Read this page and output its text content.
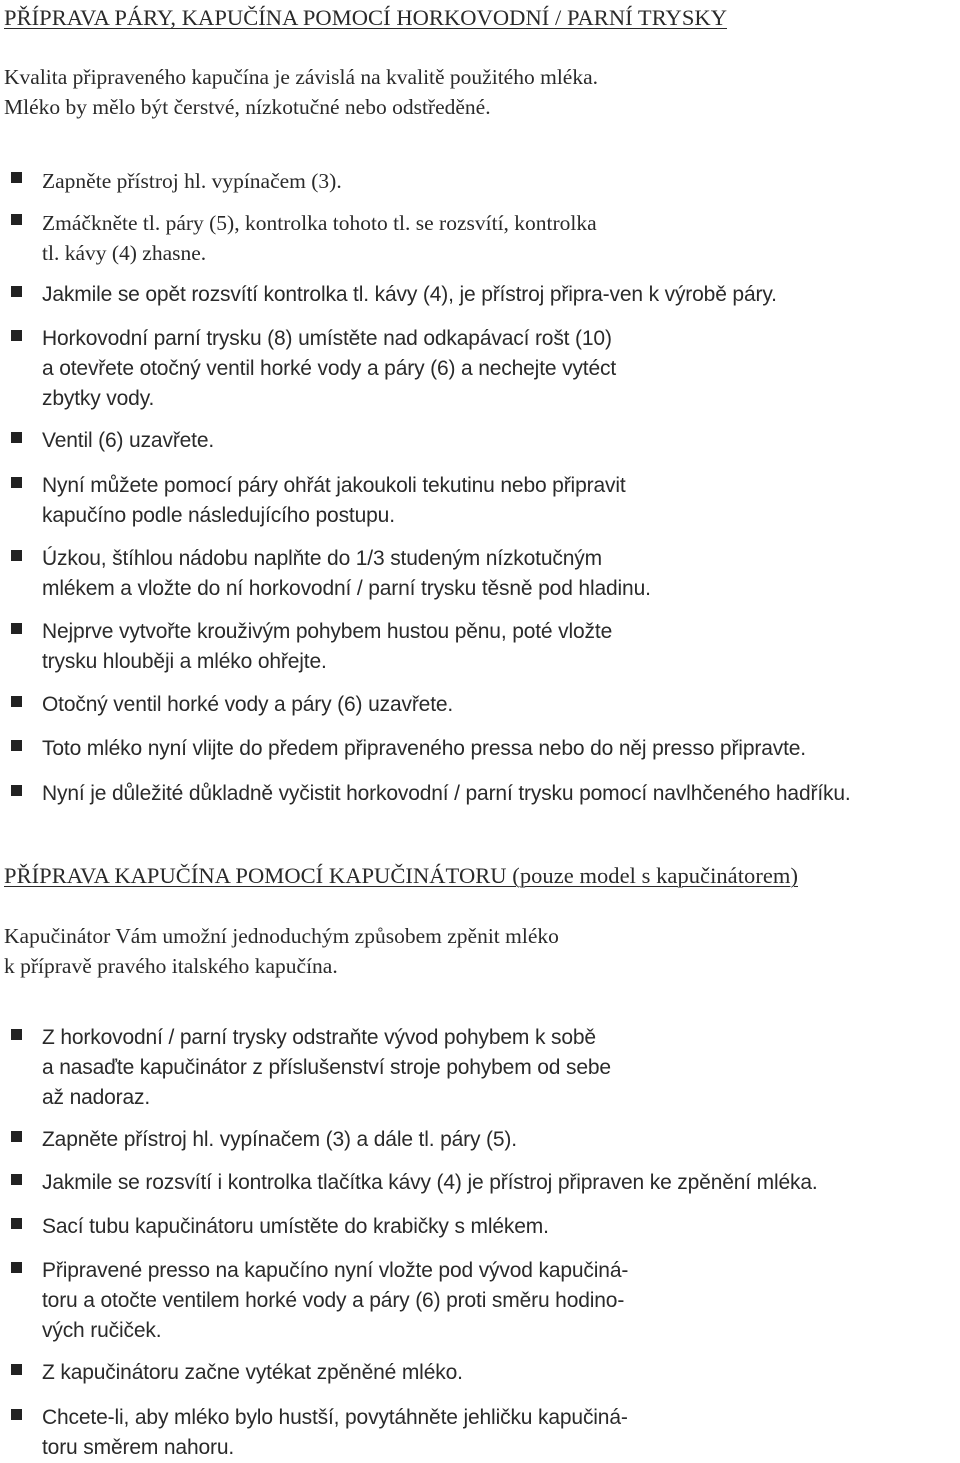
PŘÍPRAVA PÁRY, KAPUČÍNA POMOCÍ HORKOVODNÍ / PARNÍ TRYSKY
Kvalita připraveného kapučína je závislá na kvalitě použitého mléka.
Mléko by mělo být čerstvé, nízkotučné nebo odstředěné.
Zapněte přístroj hl. vypínačem (3).
Zmáčkněte tl. páry (5), kontrolka tohoto tl. se rozsvítí, kontrolka
tl. kávy (4) zhasne.
Jakmile se opět rozsvítí kontrolka tl. kávy (4), je přístroj připra-ven k výrobě páry.
Horkovodní parní trysku (8) umístěte nad odkapávací rošt (10)
a otevřete otočný ventil horké vody a páry (6) a nechejte vytéct
zbytky vody.
Ventil (6) uzavřete.
Nyní můžete pomocí páry ohřát jakoukoli tekutinu nebo připravit
kapučíno podle následujícího postupu.
Úzkou, štíhlou nádobu naplňte do 1/3 studeným nízkotučným
mlékem a vložte do ní horkovodní / parní trysku těsně pod hladinu.
Nejprve vytvořte krouživým pohybem hustou pěnu, poté vložte
trysku hlouběji a mléko ohřejte.
Otočný ventil horké vody a páry (6) uzavřete.
Toto mléko nyní vlijte do předem připraveného pressa nebo do něj presso připravte.
Nyní je důležité důkladně vyčistit horkovodní / parní trysku pomocí navlhčeného hadříku.
PŘÍPRAVA KAPUČÍNA POMOCÍ KAPUČINÁTORU (pouze model s kapučinátorem)
Kapučinátor Vám umožní jednoduchým způsobem zpěnit mléko
k přípravě pravého italského kapučína.
Z horkovodní / parní trysky odstraňte vývod pohybem k sobě
a nasaďte kapučinátor z příslušenství stroje pohybem od sebe
až nadoraz.
Zapněte přístroj hl. vypínačem (3) a dále tl. páry (5).
Jakmile se rozsvítí i kontrolka tlačítka kávy (4) je přístroj připraven ke zpěnění mléka.
Sací tubu kapučinátoru umístěte do krabičky s mlékem.
Připravené presso na kapučíno nyní vložte pod vývod kapučiná-
toru a otočte ventilem horké vody a páry (6) proti směru hodino-
vých ručiček.
Z kapučinátoru začne vytékat zpěněné mléko.
Chcete-li, aby mléko bylo hustší, povytáhněte jehličku kapučiná-
toru směrem nahoru.
